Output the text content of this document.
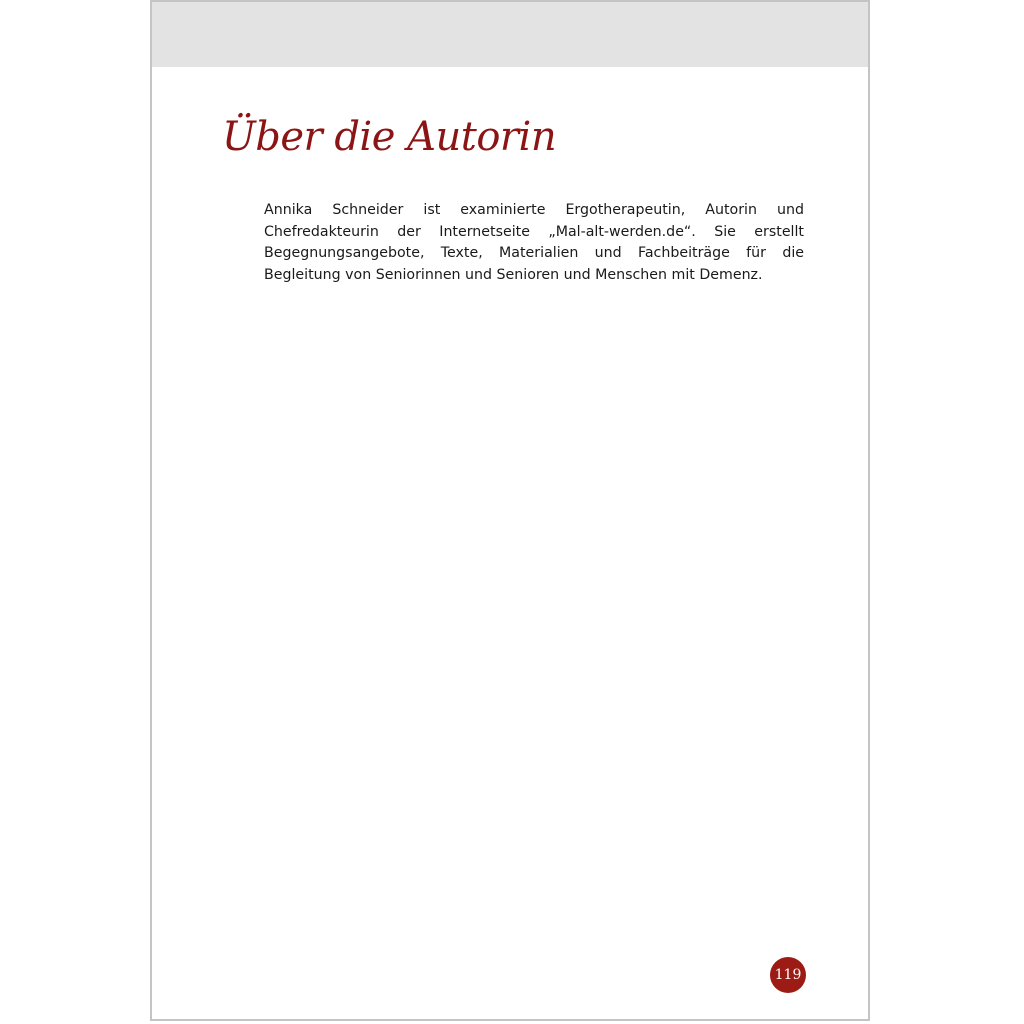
Über die Autorin

Annika Schneider ist examinierte Ergotherapeutin, Autorin und Chefredakteurin der Internetseite „Mal-alt-werden.de“. Sie erstellt Begegnungsangebote, Texte, Materialien und Fachbeiträge für die Begleitung von Seniorinnen und Senioren und Menschen mit Demenz.

119
